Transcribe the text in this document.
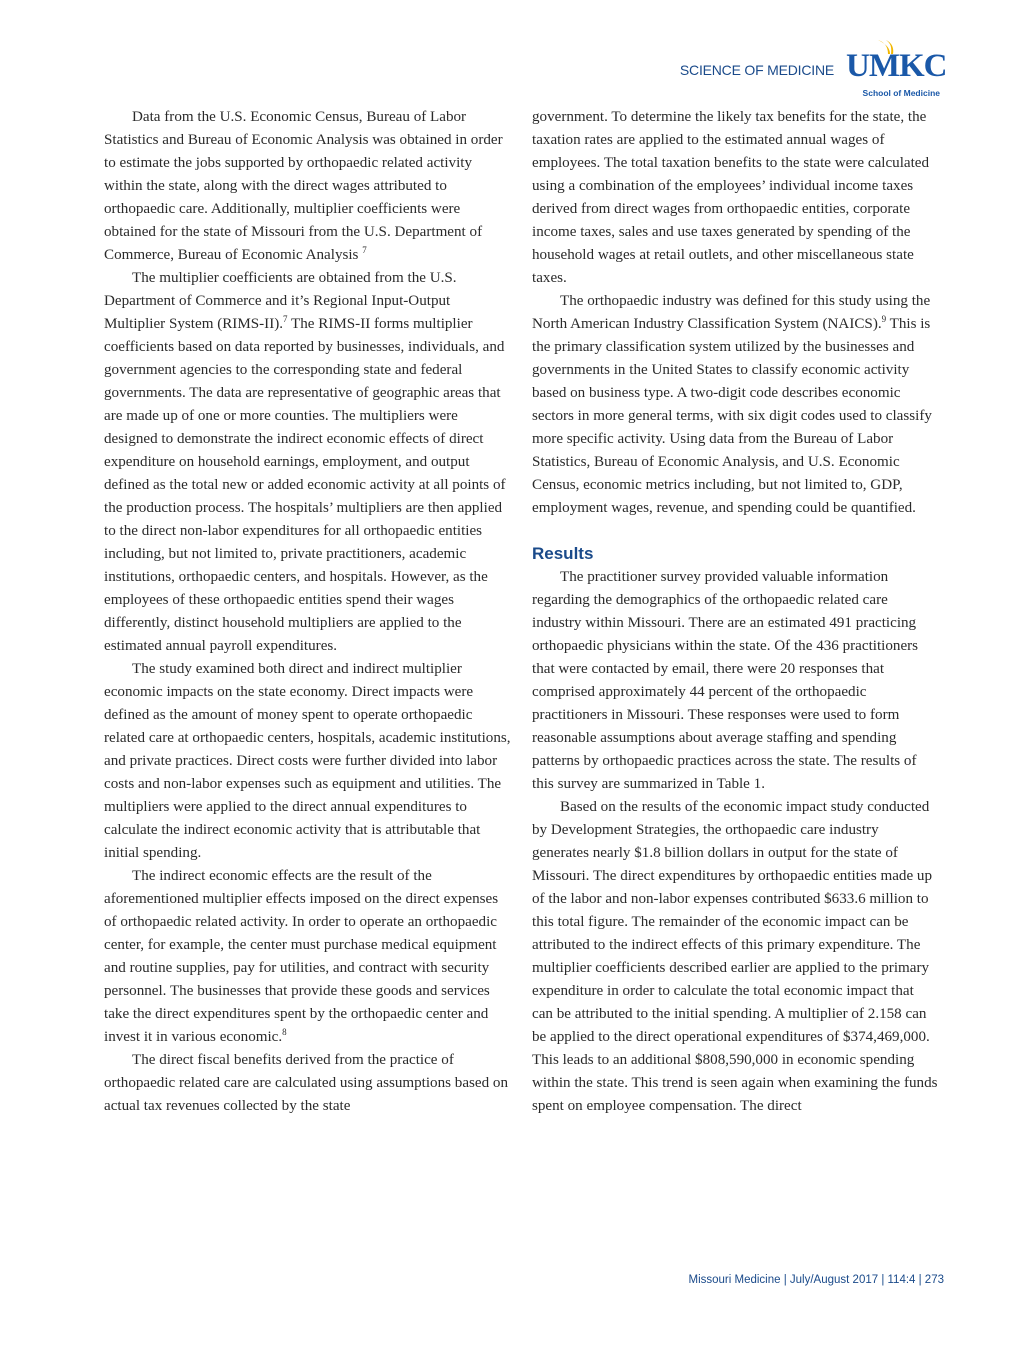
SCIENCE OF MEDICINE UMKC
School of Medicine

Data from the U.S. Economic Census, Bureau of Labor Statistics and Bureau of Economic Analysis was obtained in order to estimate the jobs supported by orthopaedic related activity within the state, along with the direct wages attributed to orthopaedic care. Additionally, multiplier coefficients were obtained for the state of Missouri from the U.S. Department of Commerce, Bureau of Economic Analysis $^7$

The multiplier coefficients are obtained from the U.S. Department of Commerce and it’s Regional Input-Output Multiplier System (RIMS-II).$^7$ The RIMS-II forms multiplier coefficients based on data reported by businesses, individuals, and government agencies to the corresponding state and federal governments. The data are representative of geographic areas that are made up of one or more counties. The multipliers were designed to demonstrate the indirect economic effects of direct expenditure on household earnings, employment, and output defined as the total new or added economic activity at all points of the production process. The hospitals’ multipliers are then applied to the direct non-labor expenditures for all orthopaedic entities including, but not limited to, private practitioners, academic institutions, orthopaedic centers, and hospitals. However, as the employees of these orthopaedic entities spend their wages differently, distinct household multipliers are applied to the estimated annual payroll expenditures.

The study examined both direct and indirect multiplier economic impacts on the state economy. Direct impacts were defined as the amount of money spent to operate orthopaedic related care at orthopaedic centers, hospitals, academic institutions, and private practices. Direct costs were further divided into labor costs and non-labor expenses such as equipment and utilities. The multipliers were applied to the direct annual expenditures to calculate the indirect economic activity that is attributable that initial spending.

The indirect economic effects are the result of the aforementioned multiplier effects imposed on the direct expenses of orthopaedic related activity. In order to operate an orthopaedic center, for example, the center must purchase medical equipment and routine supplies, pay for utilities, and contract with security personnel. The businesses that provide these goods and services take the direct expenditures spent by the orthopaedic center and invest it in various economic.$^8$

The direct fiscal benefits derived from the practice of orthopaedic related care are calculated using assumptions based on actual tax revenues collected by the state

government. To determine the likely tax benefits for the state, the taxation rates are applied to the estimated annual wages of employees. The total taxation benefits to the state were calculated using a combination of the employees’ individual income taxes derived from direct wages from orthopaedic entities, corporate income taxes, sales and use taxes generated by spending of the household wages at retail outlets, and other miscellaneous state taxes.

The orthopaedic industry was defined for this study using the North American Industry Classification System (NAICS).$^9$ This is the primary classification system utilized by the businesses and governments in the United States to classify economic activity based on business type. A two-digit code describes economic sectors in more general terms, with six digit codes used to classify more specific activity. Using data from the Bureau of Labor Statistics, Bureau of Economic Analysis, and U.S. Economic Census, economic metrics including, but not limited to, GDP, employment wages, revenue, and spending could be quantified.

Results

The practitioner survey provided valuable information regarding the demographics of the orthopaedic related care industry within Missouri. There are an estimated 491 practicing orthopaedic physicians within the state. Of the 436 practitioners that were contacted by email, there were 20 responses that comprised approximately 44 percent of the orthopaedic practitioners in Missouri. These responses were used to form reasonable assumptions about average staffing and spending patterns by orthopaedic practices across the state. The results of this survey are summarized in Table 1.

Based on the results of the economic impact study conducted by Development Strategies, the orthopaedic care industry generates nearly $1.8 billion dollars in output for the state of Missouri. The direct expenditures by orthopaedic entities made up of the labor and non-labor expenses contributed $633.6 million to this total figure. The remainder of the economic impact can be attributed to the indirect effects of this primary expenditure. The multiplier coefficients described earlier are applied to the primary expenditure in order to calculate the total economic impact that can be attributed to the initial spending. A multiplier of 2.158 can be applied to the direct operational expenditures of $374,469,000. This leads to an additional $808,590,000 in economic spending within the state. This trend is seen again when examining the funds spent on employee compensation. The direct

Missouri Medicine | July/August 2017 | 114:4 | 273
